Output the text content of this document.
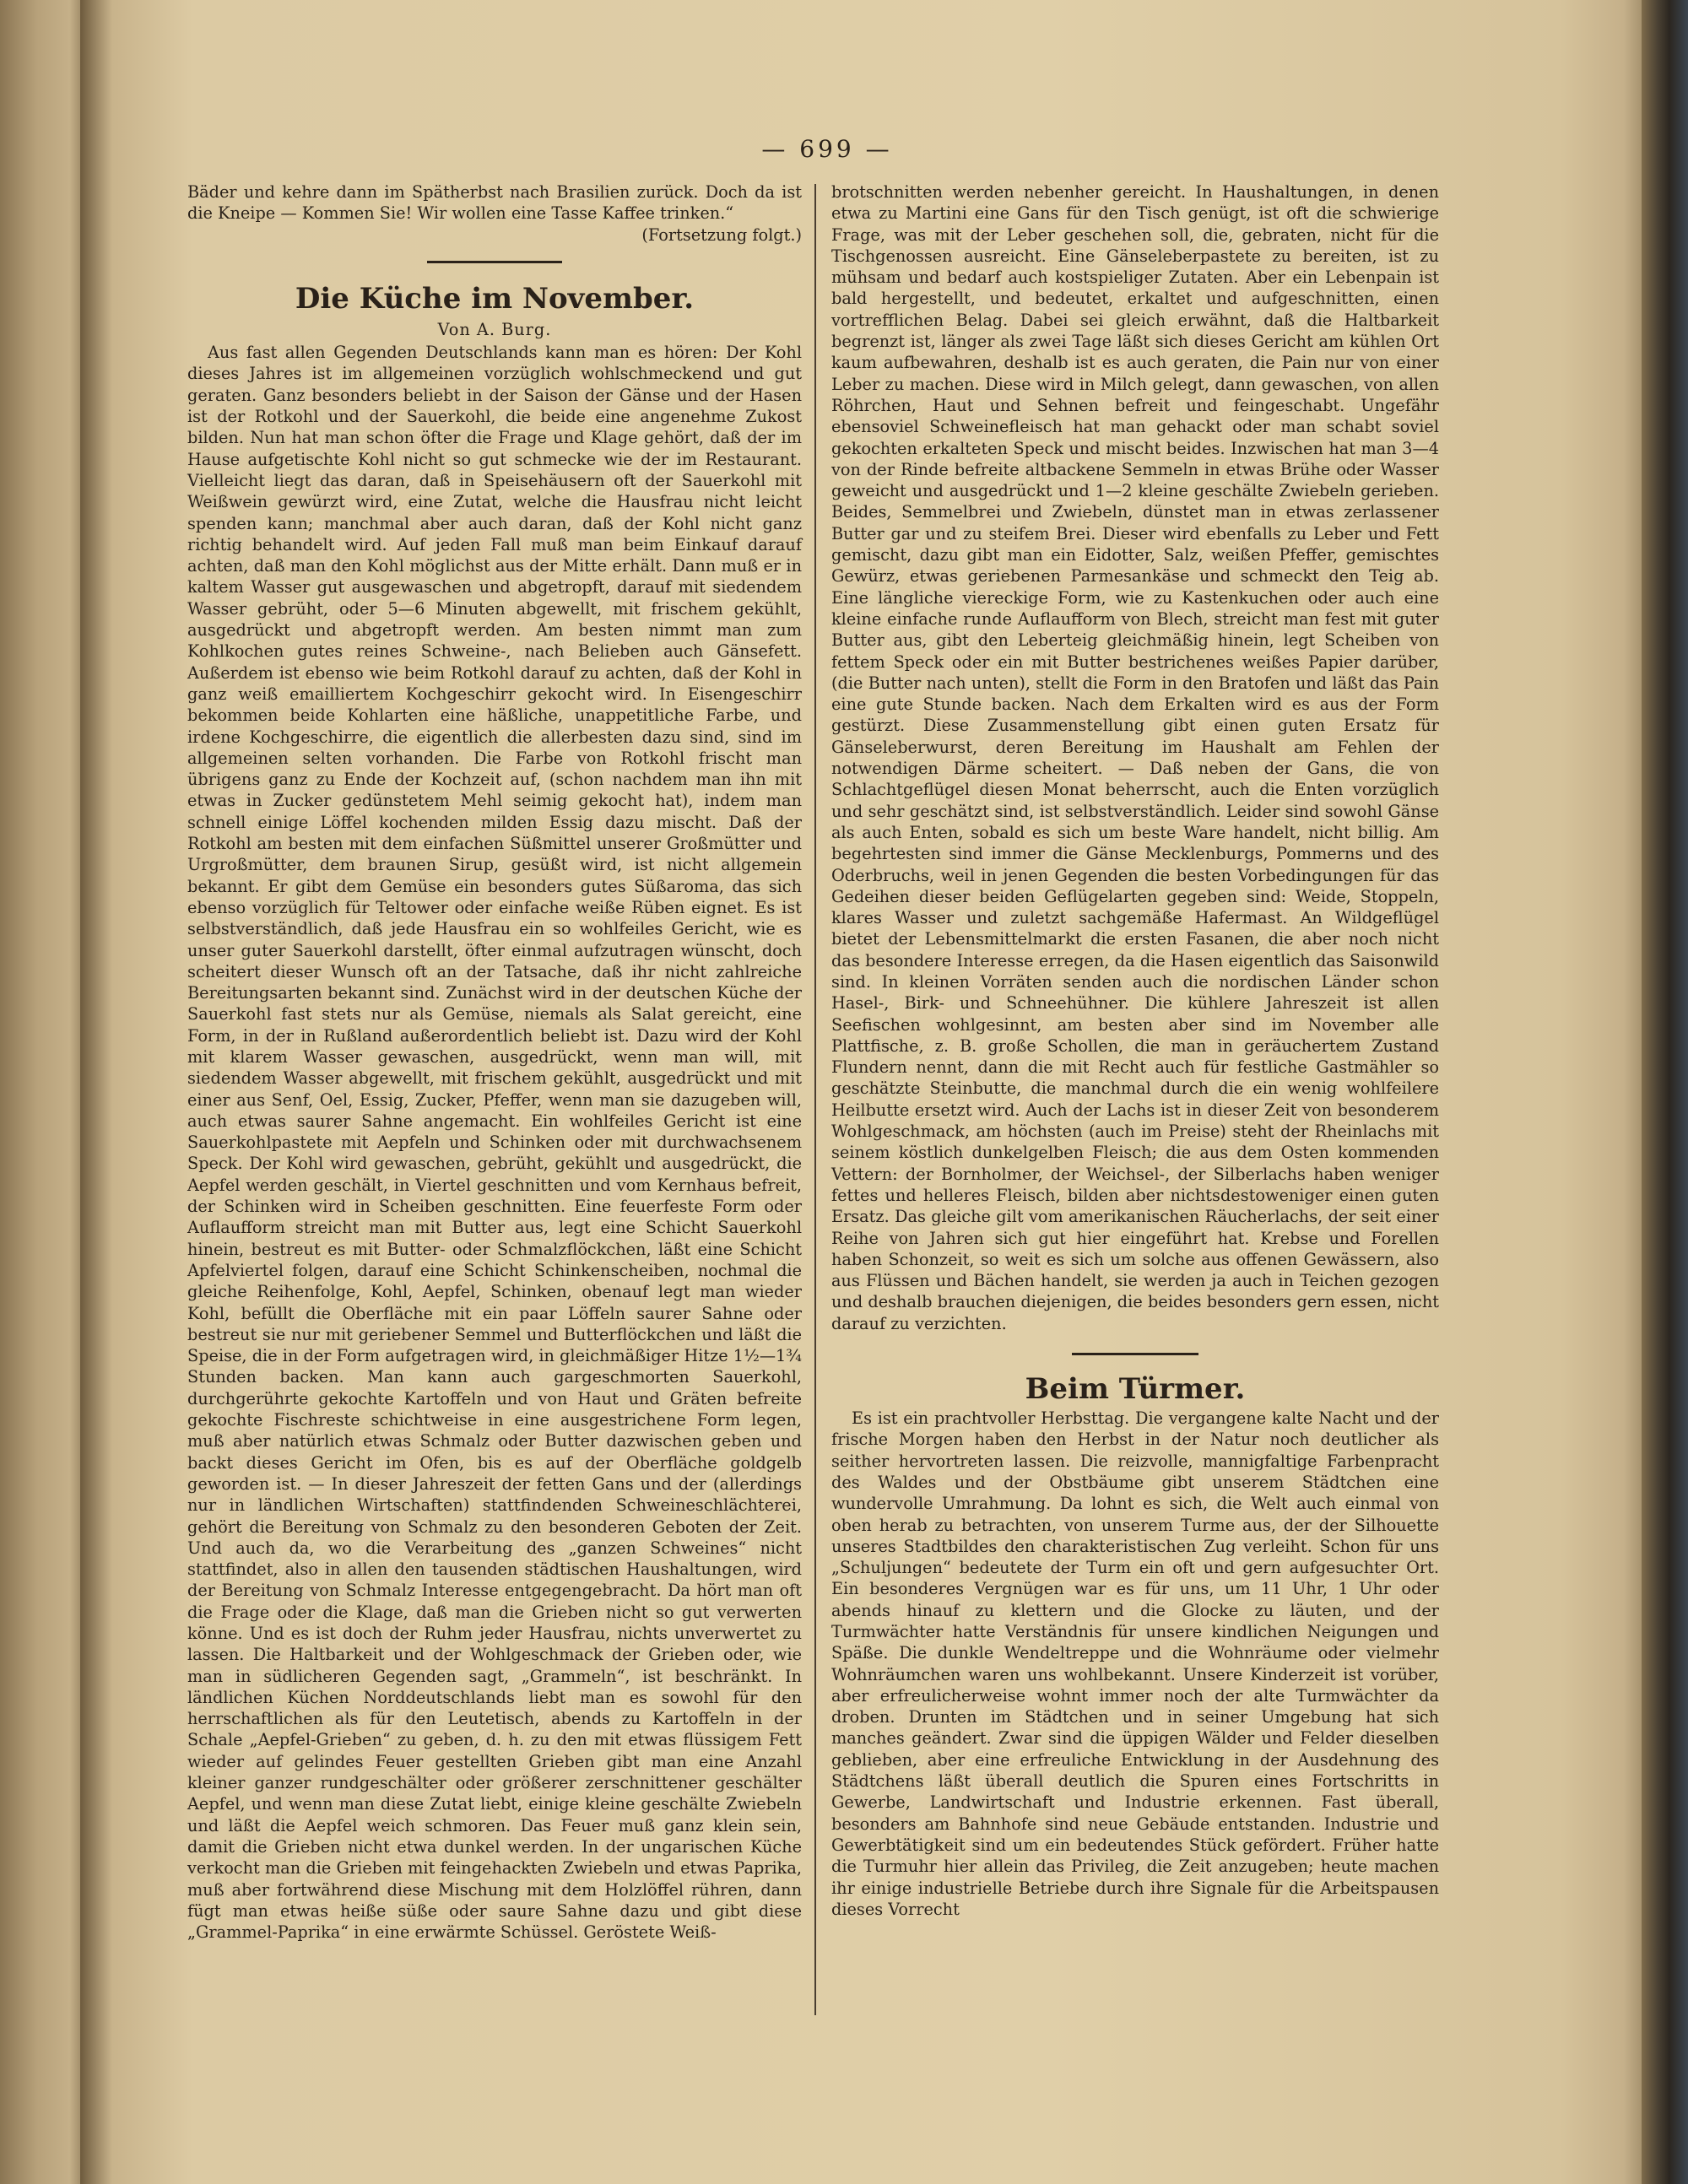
— 699 —

Bäder und kehre dann im Spätherbst nach Brasilien zurück. Doch da ist die Kneipe — Kommen Sie! Wir wollen eine Tasse Kaffee trinken.“

(Fortsetzung folgt.)

Die Küche im November.
Von A. Burg.

Aus fast allen Gegenden Deutschlands kann man es hören: Der Kohl dieses Jahres ist im allgemeinen vorzüglich wohlschmeckend und gut geraten. Ganz besonders beliebt in der Saison der Gänse und der Hasen ist der Rotkohl und der Sauerkohl, die beide eine angenehme Zukost bilden. Nun hat man schon öfter die Frage und Klage gehört, daß der im Hause aufgetischte Kohl nicht so gut schmecke wie der im Restaurant. Vielleicht liegt das daran, daß in Speisehäusern oft der Sauerkohl mit Weißwein gewürzt wird, eine Zutat, welche die Hausfrau nicht leicht spenden kann; manchmal aber auch daran, daß der Kohl nicht ganz richtig behandelt wird. Auf jeden Fall muß man beim Einkauf darauf achten, daß man den Kohl möglichst aus der Mitte erhält. Dann muß er in kaltem Wasser gut ausgewaschen und abgetropft, darauf mit siedendem Wasser gebrüht, oder 5—6 Minuten abgewellt, mit frischem gekühlt, ausgedrückt und abgetropft werden. Am besten nimmt man zum Kohlkochen gutes reines Schweine-, nach Belieben auch Gänsefett. Außerdem ist ebenso wie beim Rotkohl darauf zu achten, daß der Kohl in ganz weiß emailliertem Kochgeschirr gekocht wird. In Eisengeschirr bekommen beide Kohlarten eine häßliche, unappetitliche Farbe, und irdene Kochgeschirre, die eigentlich die allerbesten dazu sind, sind im allgemeinen selten vorhanden. Die Farbe von Rotkohl frischt man übrigens ganz zu Ende der Kochzeit auf, (schon nachdem man ihn mit etwas in Zucker gedünstetem Mehl seimig gekocht hat), indem man schnell einige Löffel kochenden milden Essig dazu mischt. Daß der Rotkohl am besten mit dem einfachen Süßmittel unserer Großmütter und Urgroßmütter, dem braunen Sirup, gesüßt wird, ist nicht allgemein bekannt. Er gibt dem Gemüse ein besonders gutes Süßaroma, das sich ebenso vorzüglich für Teltower oder einfache weiße Rüben eignet. Es ist selbstverständlich, daß jede Hausfrau ein so wohlfeiles Gericht, wie es unser guter Sauerkohl darstellt, öfter einmal aufzutragen wünscht, doch scheitert dieser Wunsch oft an der Tatsache, daß ihr nicht zahlreiche Bereitungsarten bekannt sind. Zunächst wird in der deutschen Küche der Sauerkohl fast stets nur als Gemüse, niemals als Salat gereicht, eine Form, in der in Rußland außerordentlich beliebt ist. Dazu wird der Kohl mit klarem Wasser gewaschen, ausgedrückt, wenn man will, mit siedendem Wasser abgewellt, mit frischem gekühlt, ausgedrückt und mit einer aus Senf, Oel, Essig, Zucker, Pfeffer, wenn man sie dazugeben will, auch etwas saurer Sahne angemacht. Ein wohlfeiles Gericht ist eine Sauerkohlpastete mit Aepfeln und Schinken oder mit durchwachsenem Speck. Der Kohl wird gewaschen, gebrüht, gekühlt und ausgedrückt, die Aepfel werden geschält, in Viertel geschnitten und vom Kernhaus befreit, der Schinken wird in Scheiben geschnitten. Eine feuerfeste Form oder Auflaufform streicht man mit Butter aus, legt eine Schicht Sauerkohl hinein, bestreut es mit Butter- oder Schmalzflöckchen, läßt eine Schicht Apfelviertel folgen, darauf eine Schicht Schinkenscheiben, nochmal die gleiche Reihenfolge, Kohl, Aepfel, Schinken, obenauf legt man wieder Kohl, befüllt die Oberfläche mit ein paar Löffeln saurer Sahne oder bestreut sie nur mit geriebener Semmel und Butterflöckchen und läßt die Speise, die in der Form aufgetragen wird, in gleichmäßiger Hitze 1½—1¾ Stunden backen. Man kann auch gargeschmorten Sauerkohl, durchgerührte gekochte Kartoffeln und von Haut und Gräten befreite gekochte Fischreste schichtweise in eine ausgestrichene Form legen, muß aber natürlich etwas Schmalz oder Butter dazwischen geben und backt dieses Gericht im Ofen, bis es auf der Oberfläche goldgelb geworden ist. — In dieser Jahreszeit der fetten Gans und der (allerdings nur in ländlichen Wirtschaften) stattfindenden Schweineschlächterei, gehört die Bereitung von Schmalz zu den besonderen Geboten der Zeit. Und auch da, wo die Verarbeitung des „ganzen Schweines“ nicht stattfindet, also in allen den tausenden städtischen Haushaltungen, wird der Bereitung von Schmalz Interesse entgegengebracht. Da hört man oft die Frage oder die Klage, daß man die Grieben nicht so gut verwerten könne. Und es ist doch der Ruhm jeder Hausfrau, nichts unverwertet zu lassen. Die Haltbarkeit und der Wohlgeschmack der Grieben oder, wie man in südlicheren Gegenden sagt, „Grammeln“, ist beschränkt. In ländlichen Küchen Norddeutschlands liebt man es sowohl für den herrschaftlichen als für den Leutetisch, abends zu Kartoffeln in der Schale „Aepfel-Grieben“ zu geben, d. h. zu den mit etwas flüssigem Fett wieder auf gelindes Feuer gestellten Grieben gibt man eine Anzahl kleiner ganzer rundgeschälter oder größerer zerschnittener geschälter Aepfel, und wenn man diese Zutat liebt, einige kleine geschälte Zwiebeln und läßt die Aepfel weich schmoren. Das Feuer muß ganz klein sein, damit die Grieben nicht etwa dunkel werden. In der ungarischen Küche verkocht man die Grieben mit feingehackten Zwiebeln und etwas Paprika, muß aber fortwährend diese Mischung mit dem Holzlöffel rühren, dann fügt man etwas heiße süße oder saure Sahne dazu und gibt diese „Grammel-Paprika“ in eine erwärmte Schüssel. Geröstete Weiß-

brotschnitten werden nebenher gereicht. In Haushaltungen, in denen etwa zu Martini eine Gans für den Tisch genügt, ist oft die schwierige Frage, was mit der Leber geschehen soll, die, gebraten, nicht für die Tischgenossen ausreicht. Eine Gänseleberpastete zu bereiten, ist zu mühsam und bedarf auch kostspieliger Zutaten. Aber ein Lebenpain ist bald hergestellt, und bedeutet, erkaltet und aufgeschnitten, einen vortrefflichen Belag. Dabei sei gleich erwähnt, daß die Haltbarkeit begrenzt ist, länger als zwei Tage läßt sich dieses Gericht am kühlen Ort kaum aufbewahren, deshalb ist es auch geraten, die Pain nur von einer Leber zu machen. Diese wird in Milch gelegt, dann gewaschen, von allen Röhrchen, Haut und Sehnen befreit und feingeschabt. Ungefähr ebensoviel Schweinefleisch hat man gehackt oder man schabt soviel gekochten erkalteten Speck und mischt beides. Inzwischen hat man 3—4 von der Rinde befreite altbackene Semmeln in etwas Brühe oder Wasser geweicht und ausgedrückt und 1—2 kleine geschälte Zwiebeln gerieben. Beides, Semmelbrei und Zwiebeln, dünstet man in etwas zerlassener Butter gar und zu steifem Brei. Dieser wird ebenfalls zu Leber und Fett gemischt, dazu gibt man ein Eidotter, Salz, weißen Pfeffer, gemischtes Gewürz, etwas geriebenen Parmesankäse und schmeckt den Teig ab. Eine längliche viereckige Form, wie zu Kastenkuchen oder auch eine kleine einfache runde Auflaufform von Blech, streicht man fest mit guter Butter aus, gibt den Leberteig gleichmäßig hinein, legt Scheiben von fettem Speck oder ein mit Butter bestrichenes weißes Papier darüber, (die Butter nach unten), stellt die Form in den Bratofen und läßt das Pain eine gute Stunde backen. Nach dem Erkalten wird es aus der Form gestürzt. Diese Zusammenstellung gibt einen guten Ersatz für Gänseleberwurst, deren Bereitung im Haushalt am Fehlen der notwendigen Därme scheitert. — Daß neben der Gans, die von Schlachtgeflügel diesen Monat beherrscht, auch die Enten vorzüglich und sehr geschätzt sind, ist selbstverständlich. Leider sind sowohl Gänse als auch Enten, sobald es sich um beste Ware handelt, nicht billig. Am begehrtesten sind immer die Gänse Mecklenburgs, Pommerns und des Oderbruchs, weil in jenen Gegenden die besten Vorbedingungen für das Gedeihen dieser beiden Geflügelarten gegeben sind: Weide, Stoppeln, klares Wasser und zuletzt sachgemäße Hafermast. An Wildgeflügel bietet der Lebensmittelmarkt die ersten Fasanen, die aber noch nicht das besondere Interesse erregen, da die Hasen eigentlich das Saisonwild sind. In kleinen Vorräten senden auch die nordischen Länder schon Hasel-, Birk- und Schneehühner. Die kühlere Jahreszeit ist allen Seefischen wohlgesinnt, am besten aber sind im November alle Plattfische, z. B. große Schollen, die man in geräuchertem Zustand Flundern nennt, dann die mit Recht auch für festliche Gastmähler so geschätzte Steinbutte, die manchmal durch die ein wenig wohlfeilere Heilbutte ersetzt wird. Auch der Lachs ist in dieser Zeit von besonderem Wohlgeschmack, am höchsten (auch im Preise) steht der Rheinlachs mit seinem köstlich dunkelgelben Fleisch; die aus dem Osten kommenden Vettern: der Bornholmer, der Weichsel-, der Silberlachs haben weniger fettes und helleres Fleisch, bilden aber nichtsdestoweniger einen guten Ersatz. Das gleiche gilt vom amerikanischen Räucherlachs, der seit einer Reihe von Jahren sich gut hier eingeführt hat. Krebse und Forellen haben Schonzeit, so weit es sich um solche aus offenen Gewässern, also aus Flüssen und Bächen handelt, sie werden ja auch in Teichen gezogen und deshalb brauchen diejenigen, die beides besonders gern essen, nicht darauf zu verzichten.

Beim Türmer.

Es ist ein prachtvoller Herbsttag. Die vergangene kalte Nacht und der frische Morgen haben den Herbst in der Natur noch deutlicher als seither hervortreten lassen. Die reizvolle, mannigfaltige Farbenpracht des Waldes und der Obstbäume gibt unserem Städtchen eine wundervolle Umrahmung. Da lohnt es sich, die Welt auch einmal von oben herab zu betrachten, von unserem Turme aus, der der Silhouette unseres Stadtbildes den charakteristischen Zug verleiht. Schon für uns „Schuljungen“ bedeutete der Turm ein oft und gern aufgesuchter Ort. Ein besonderes Vergnügen war es für uns, um 11 Uhr, 1 Uhr oder abends hinauf zu klettern und die Glocke zu läuten, und der Turmwächter hatte Verständnis für unsere kindlichen Neigungen und Späße. Die dunkle Wendeltreppe und die Wohnräume oder vielmehr Wohnräumchen waren uns wohlbekannt. Unsere Kinderzeit ist vorüber, aber erfreulicherweise wohnt immer noch der alte Turmwächter da droben. Drunten im Städtchen und in seiner Umgebung hat sich manches geändert. Zwar sind die üppigen Wälder und Felder dieselben geblieben, aber eine erfreuliche Entwicklung in der Ausdehnung des Städtchens läßt überall deutlich die Spuren eines Fortschritts in Gewerbe, Landwirtschaft und Industrie erkennen. Fast überall, besonders am Bahnhofe sind neue Gebäude entstanden. Industrie und Gewerbtätigkeit sind um ein bedeutendes Stück gefördert. Früher hatte die Turmuhr hier allein das Privileg, die Zeit anzugeben; heute machen ihr einige industrielle Betriebe durch ihre Signale für die Arbeitspausen dieses Vorrecht
